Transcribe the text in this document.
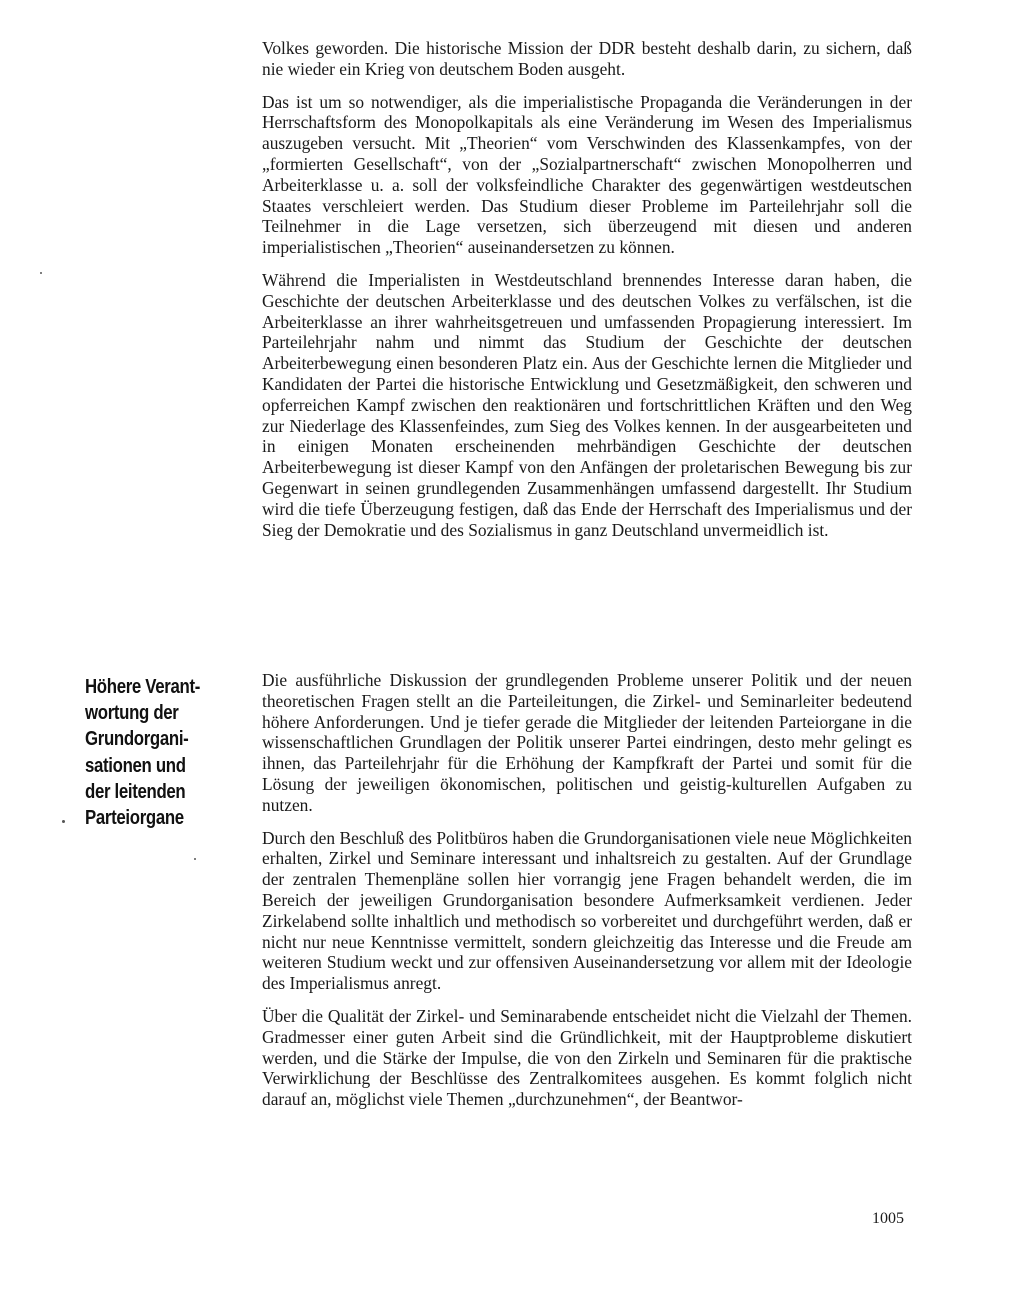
Volkes geworden. Die historische Mission der DDR besteht deshalb darin, zu sichern, daß nie wieder ein Krieg von deutschem Boden ausgeht.

Das ist um so notwendiger, als die imperialistische Propaganda die Veränderungen in der Herrschaftsform des Monopolkapitals als eine Veränderung im Wesen des Imperialismus auszugeben versucht. Mit „Theorien“ vom Verschwinden des Klassenkampfes, von der „formierten Gesellschaft“, von der „Sozialpartnerschaft“ zwischen Monopolherren und Arbeiterklasse u. a. soll der volksfeindliche Charakter des gegenwärtigen westdeutschen Staates verschleiert werden. Das Studium dieser Probleme im Parteilehrjahr soll die Teilnehmer in die Lage versetzen, sich überzeugend mit diesen und anderen imperialistischen „Theorien“ auseinandersetzen zu können.

Während die Imperialisten in Westdeutschland brennendes Interesse daran haben, die Geschichte der deutschen Arbeiterklasse und des deutschen Volkes zu verfälschen, ist die Arbeiterklasse an ihrer wahrheitsgetreuen und umfassenden Propagierung interessiert. Im Parteilehrjahr nahm und nimmt das Studium der Geschichte der deutschen Arbeiterbewegung einen besonderen Platz ein. Aus der Geschichte lernen die Mitglieder und Kandidaten der Partei die historische Entwicklung und Gesetzmäßigkeit, den schweren und opferreichen Kampf zwischen den reaktionären und fortschrittlichen Kräften und den Weg zur Niederlage des Klassenfeindes, zum Sieg des Volkes kennen. In der ausgearbeiteten und in einigen Monaten erscheinenden mehrbändigen Geschichte der deutschen Arbeiterbewegung ist dieser Kampf von den Anfängen der proletarischen Bewegung bis zur Gegenwart in seinen grundlegenden Zusammenhängen umfassend dargestellt. Ihr Studium wird die tiefe Überzeugung festigen, daß das Ende der Herrschaft des Imperialismus und der Sieg der Demokratie und des Sozialismus in ganz Deutschland unvermeidlich ist.

Höhere Verant-
wortung der
Grundorgani-
sationen und
der leitenden
Parteiorgane

Die ausführliche Diskussion der grundlegenden Probleme unserer Politik und der neuen theoretischen Fragen stellt an die Parteileitungen, die Zirkel- und Seminarleiter bedeutend höhere Anforderungen. Und je tiefer gerade die Mitglieder der leitenden Parteiorgane in die wissenschaftlichen Grundlagen der Politik unserer Partei eindringen, desto mehr gelingt es ihnen, das Parteilehrjahr für die Erhöhung der Kampfkraft der Partei und somit für die Lösung der jeweiligen ökonomischen, politischen und geistig-kulturellen Aufgaben zu nutzen.

Durch den Beschluß des Politbüros haben die Grundorganisationen viele neue Möglichkeiten erhalten, Zirkel und Seminare interessant und inhaltsreich zu gestalten. Auf der Grundlage der zentralen Themenpläne sollen hier vorrangig jene Fragen behandelt werden, die im Bereich der jeweiligen Grundorganisation besondere Aufmerksamkeit verdienen. Jeder Zirkelabend sollte inhaltlich und methodisch so vorbereitet und durchgeführt werden, daß er nicht nur neue Kenntnisse vermittelt, sondern gleichzeitig das Interesse und die Freude am weiteren Studium weckt und zur offensiven Auseinandersetzung vor allem mit der Ideologie des Imperialismus anregt.

Über die Qualität der Zirkel- und Seminarabende entscheidet nicht die Vielzahl der Themen. Gradmesser einer guten Arbeit sind die Gründlichkeit, mit der Hauptprobleme diskutiert werden, und die Stärke der Impulse, die von den Zirkeln und Seminaren für die praktische Verwirklichung der Beschlüsse des Zentralkomitees ausgehen. Es kommt folglich nicht darauf an, möglichst viele Themen „durchzunehmen“, der Beantwor-

1005
